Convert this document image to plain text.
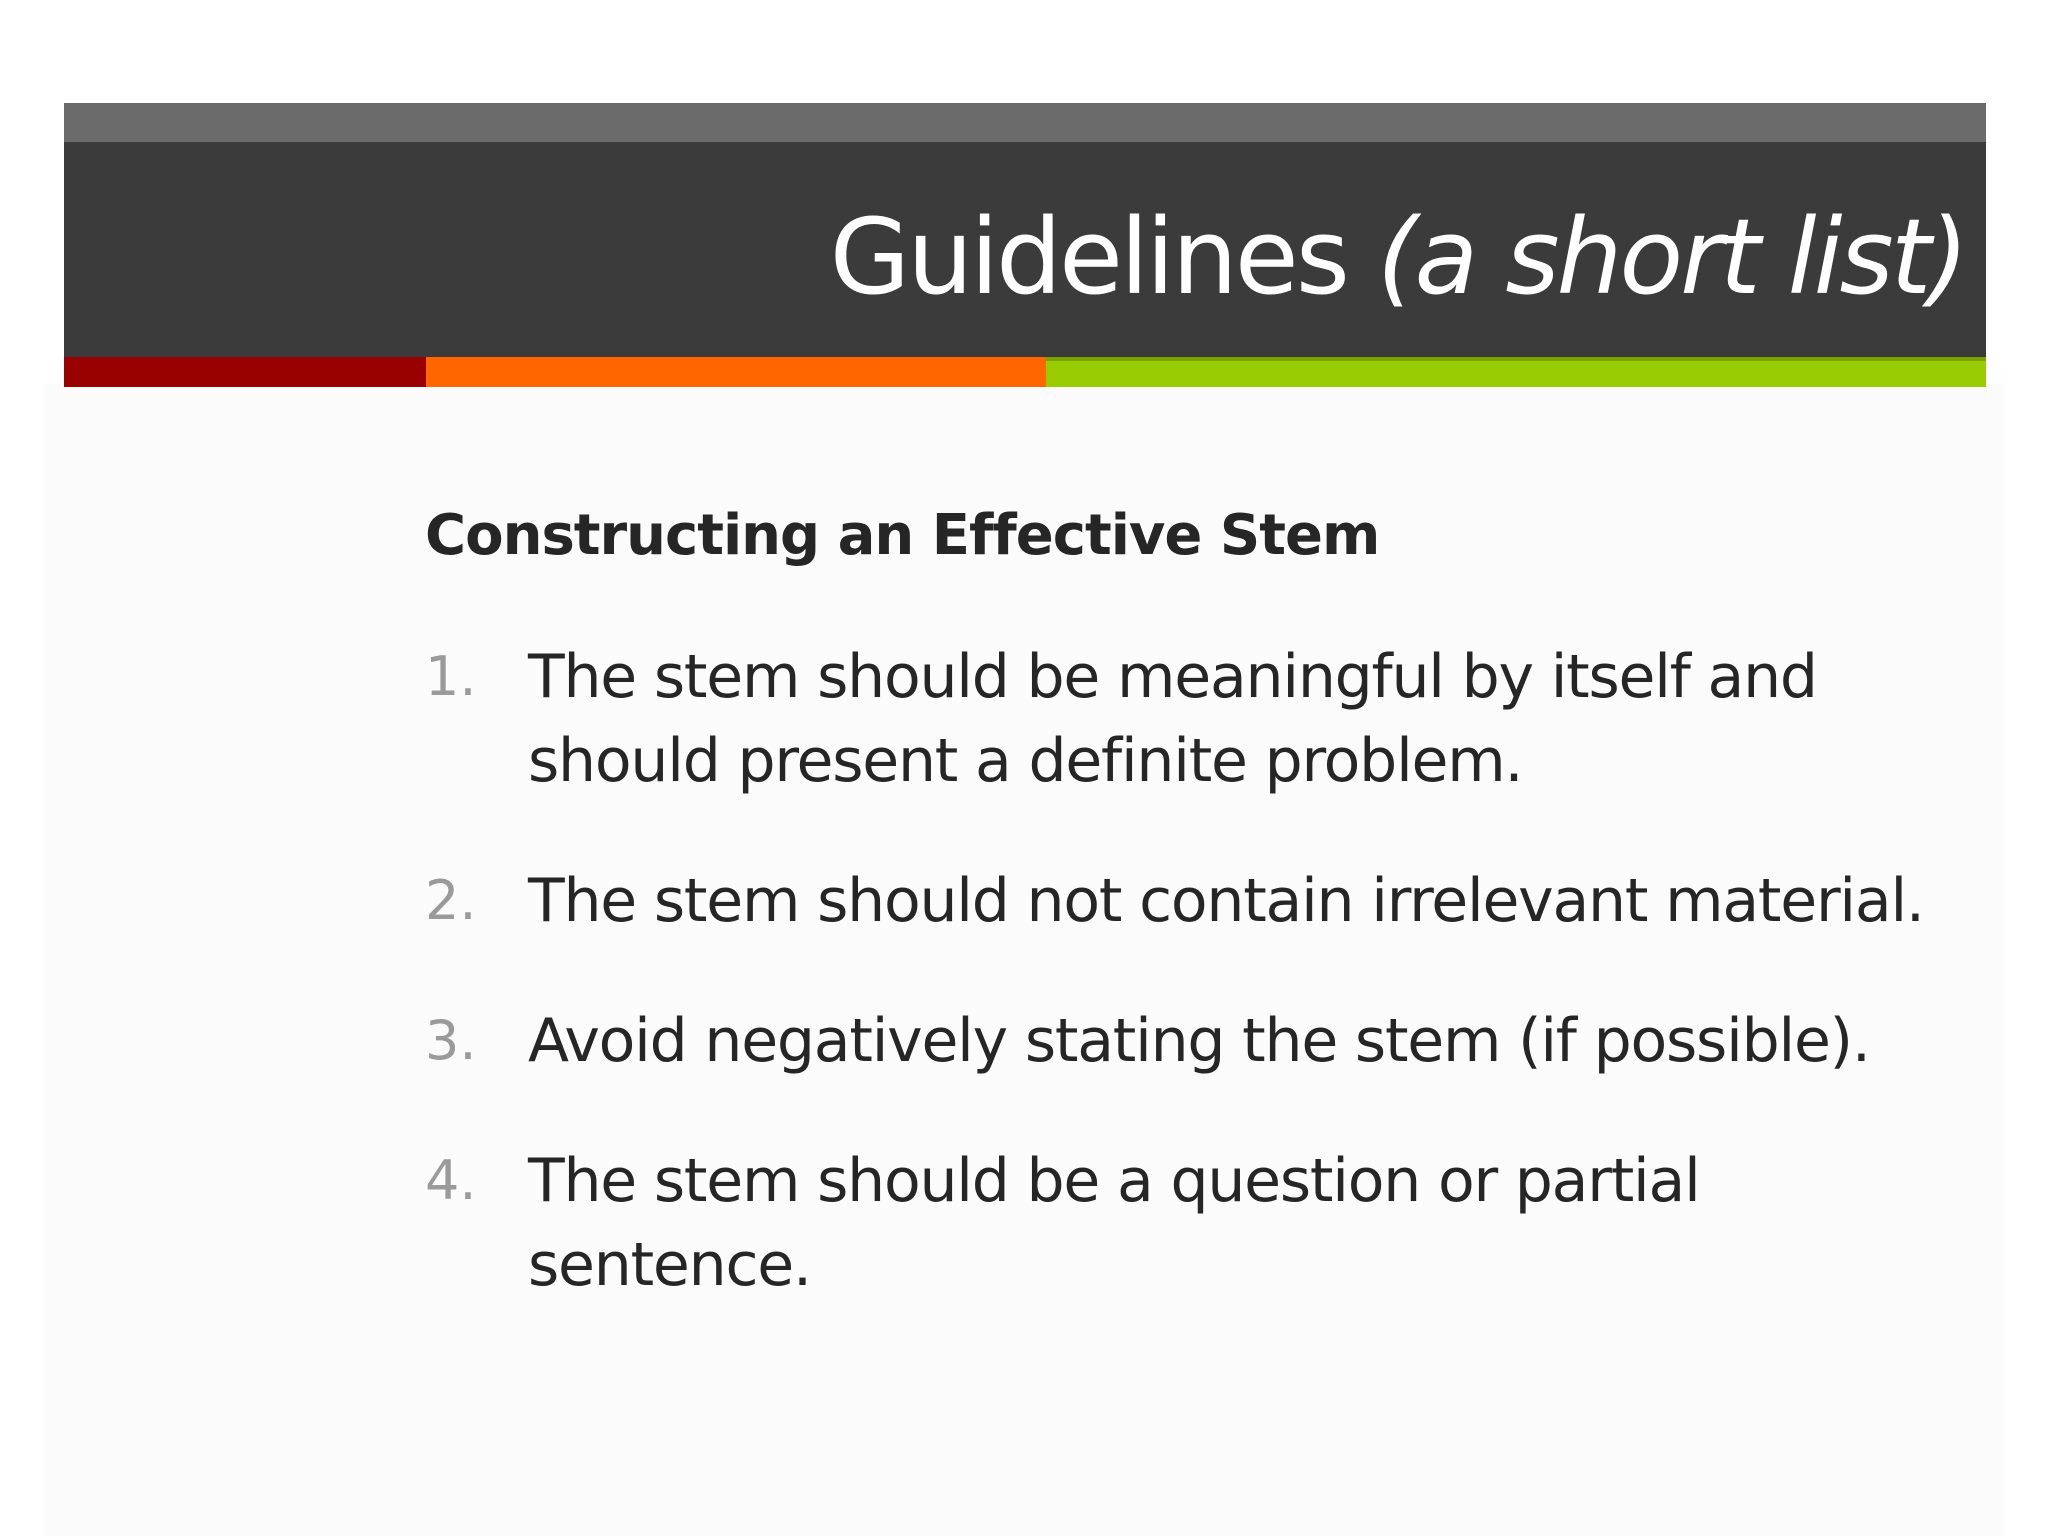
Guidelines (a short list)
Constructing an Effective Stem
1. The stem should be meaningful by itself and should present a definite problem.
2. The stem should not contain irrelevant material.
3. Avoid negatively stating the stem (if possible).
4. The stem should be a question or partial sentence.
